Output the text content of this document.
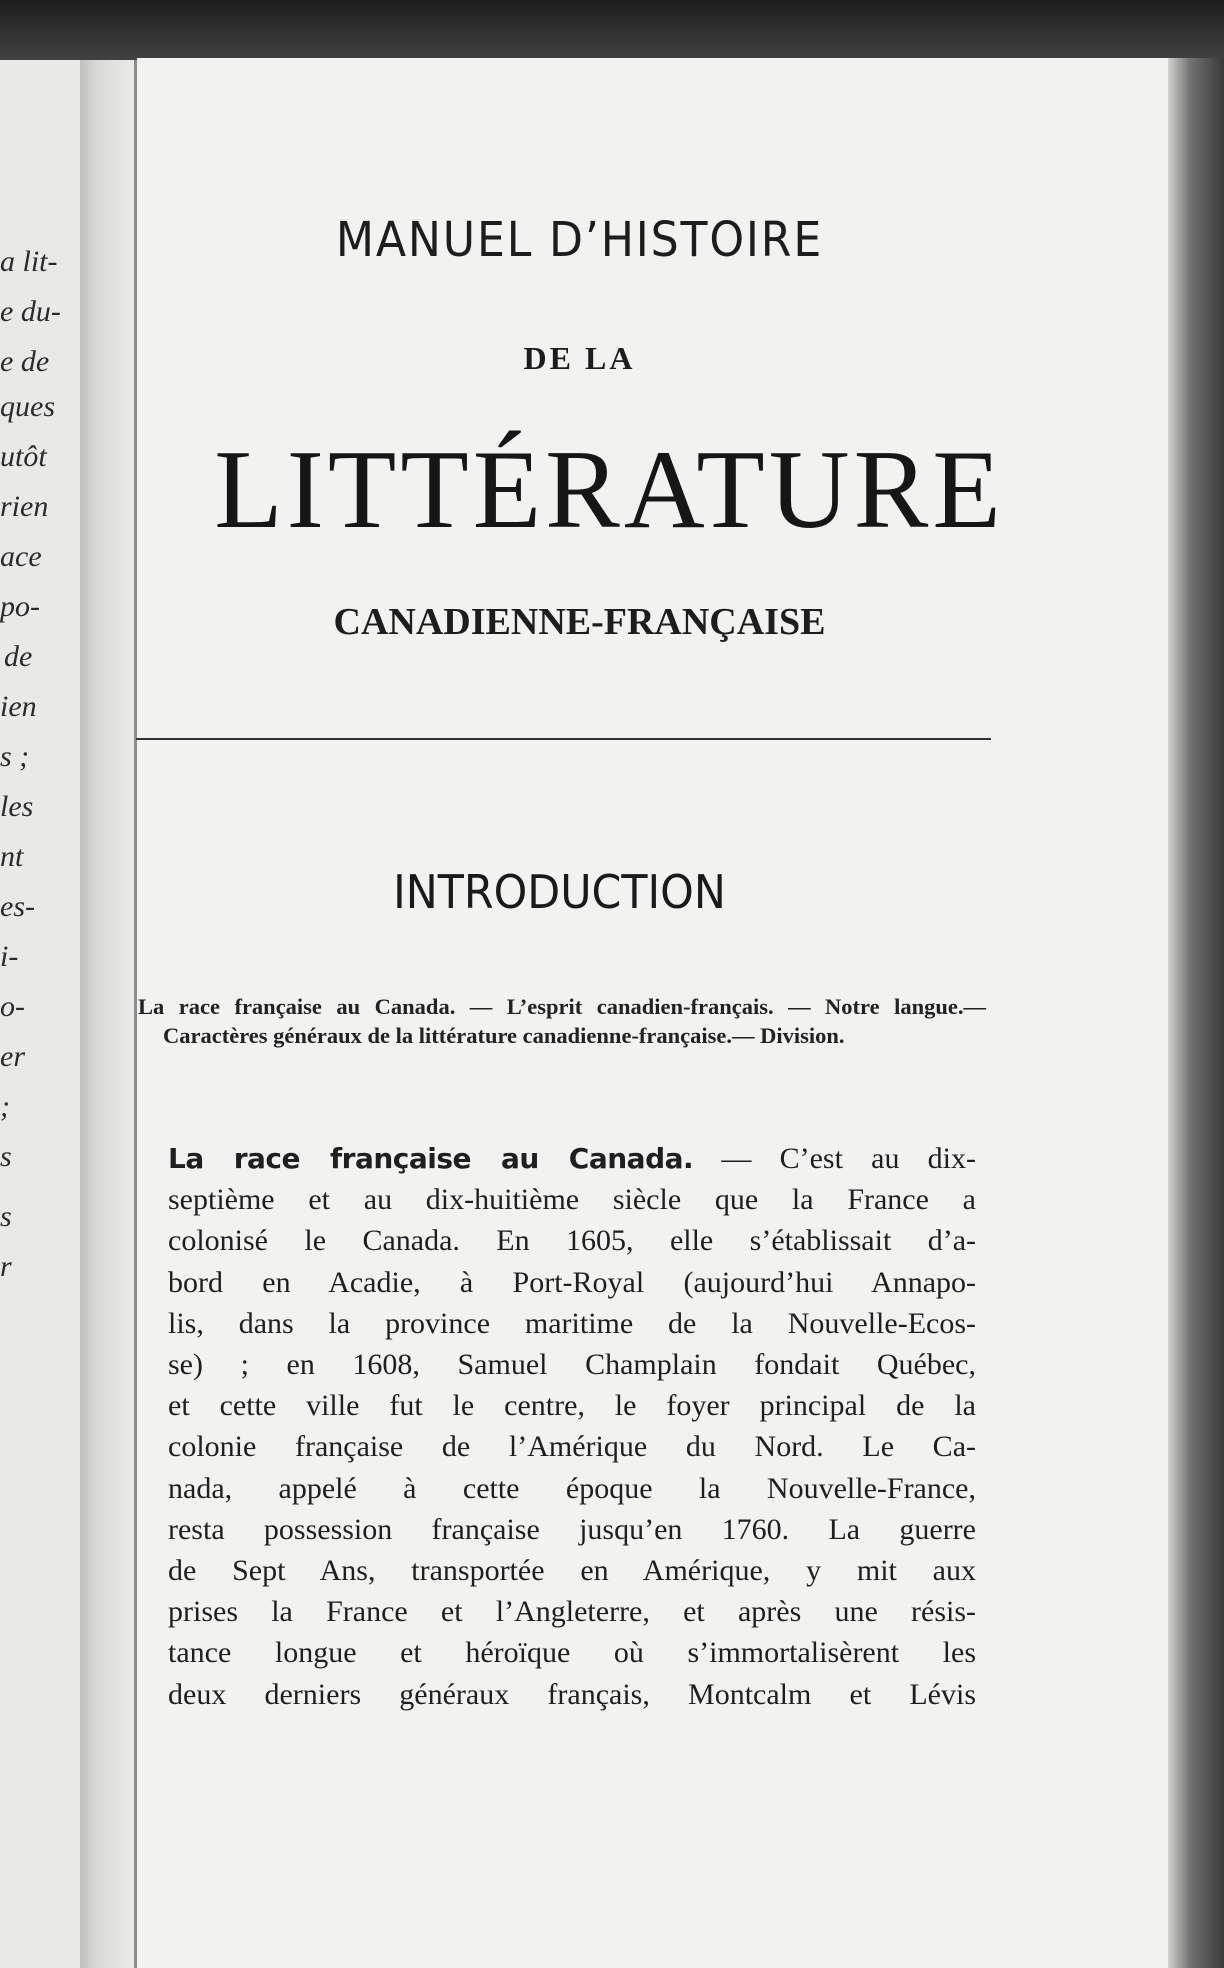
a lit-
e du-
e de
ques
utôt
rien
ace
po-
de
ien
s ;
les
nt
es-
i-
o-
er
;
s
s
r
MANUEL D’HISTOIRE
DE LA
LITTÉRATURE
CANADIENNE-FRANÇAISE
INTRODUCTION
La race française au Canada. — L’esprit canadien-français. — Notre langue.— Caractères généraux de la littérature canadienne-française.— Division.
La race française au Canada. — C’est au dix-
septième et au dix-huitième siècle que la France a
colonisé le Canada. En 1605, elle s’établissait d’a-
bord en Acadie, à Port-Royal (aujourd’hui Annapo-
lis, dans la province maritime de la Nouvelle-Ecos-
se) ; en 1608, Samuel Champlain fondait Québec,
et cette ville fut le centre, le foyer principal de la
colonie française de l’Amérique du Nord. Le Ca-
nada, appelé à cette époque la Nouvelle-France,
resta possession française jusqu’en 1760. La guerre
de Sept Ans, transportée en Amérique, y mit aux
prises la France et l’Angleterre, et après une résis-
tance longue et héroïque où s’immortalisèrent les
deux derniers généraux français, Montcalm et Lévis
